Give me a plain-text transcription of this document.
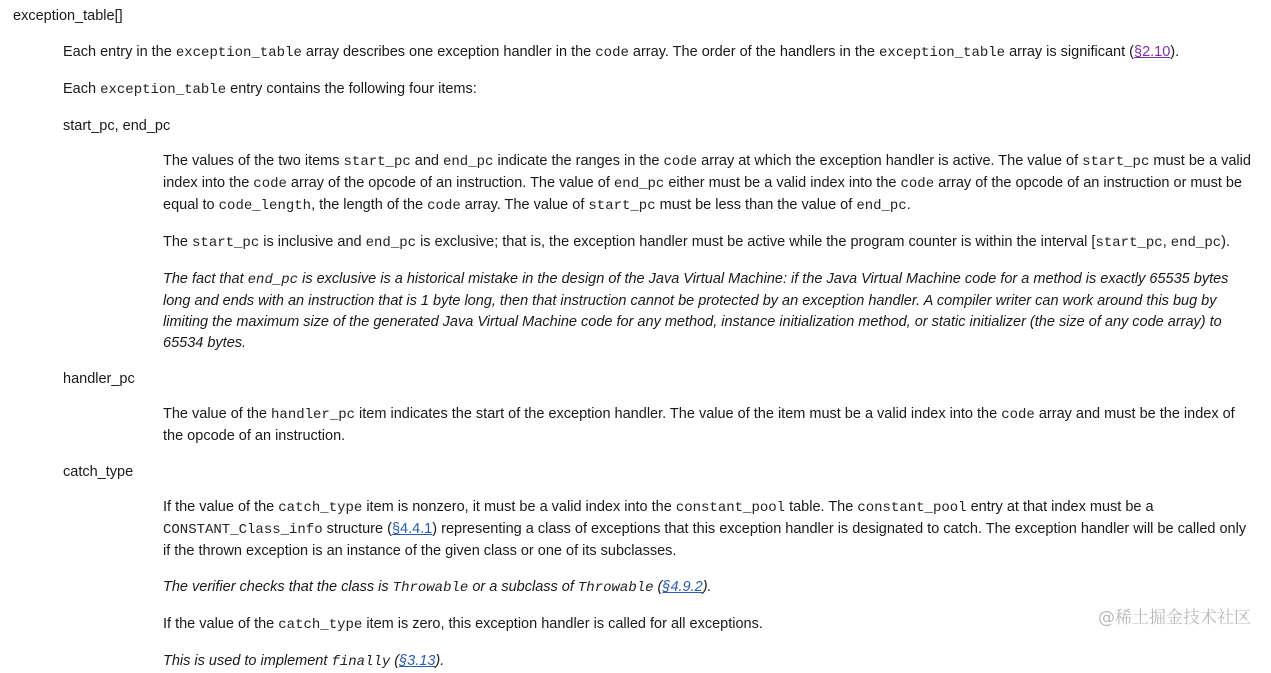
exception_table[]

Each entry in the exception_table array describes one exception handler in the code array. The order of the handlers in the exception_table array is significant (§2.10).

Each exception_table entry contains the following four items:

start_pc, end_pc

The values of the two items start_pc and end_pc indicate the ranges in the code array at which the exception handler is active. The value of start_pc must be a valid index into the code array of the opcode of an instruction. The value of end_pc either must be a valid index into the code array of the opcode of an instruction or must be equal to code_length, the length of the code array. The value of start_pc must be less than the value of end_pc.

The start_pc is inclusive and end_pc is exclusive; that is, the exception handler must be active while the program counter is within the interval [start_pc, end_pc).

The fact that end_pc is exclusive is a historical mistake in the design of the Java Virtual Machine: if the Java Virtual Machine code for a method is exactly 65535 bytes long and ends with an instruction that is 1 byte long, then that instruction cannot be protected by an exception handler. A compiler writer can work around this bug by limiting the maximum size of the generated Java Virtual Machine code for any method, instance initialization method, or static initializer (the size of any code array) to 65534 bytes.

handler_pc

The value of the handler_pc item indicates the start of the exception handler. The value of the item must be a valid index into the code array and must be the index of the opcode of an instruction.

catch_type

If the value of the catch_type item is nonzero, it must be a valid index into the constant_pool table. The constant_pool entry at that index must be a CONSTANT_Class_info structure (§4.4.1) representing a class of exceptions that this exception handler is designated to catch. The exception handler will be called only if the thrown exception is an instance of the given class or one of its subclasses.

The verifier checks that the class is Throwable or a subclass of Throwable (§4.9.2).

If the value of the catch_type item is zero, this exception handler is called for all exceptions.

This is used to implement finally (§3.13).

@稀土掘金技术社区
